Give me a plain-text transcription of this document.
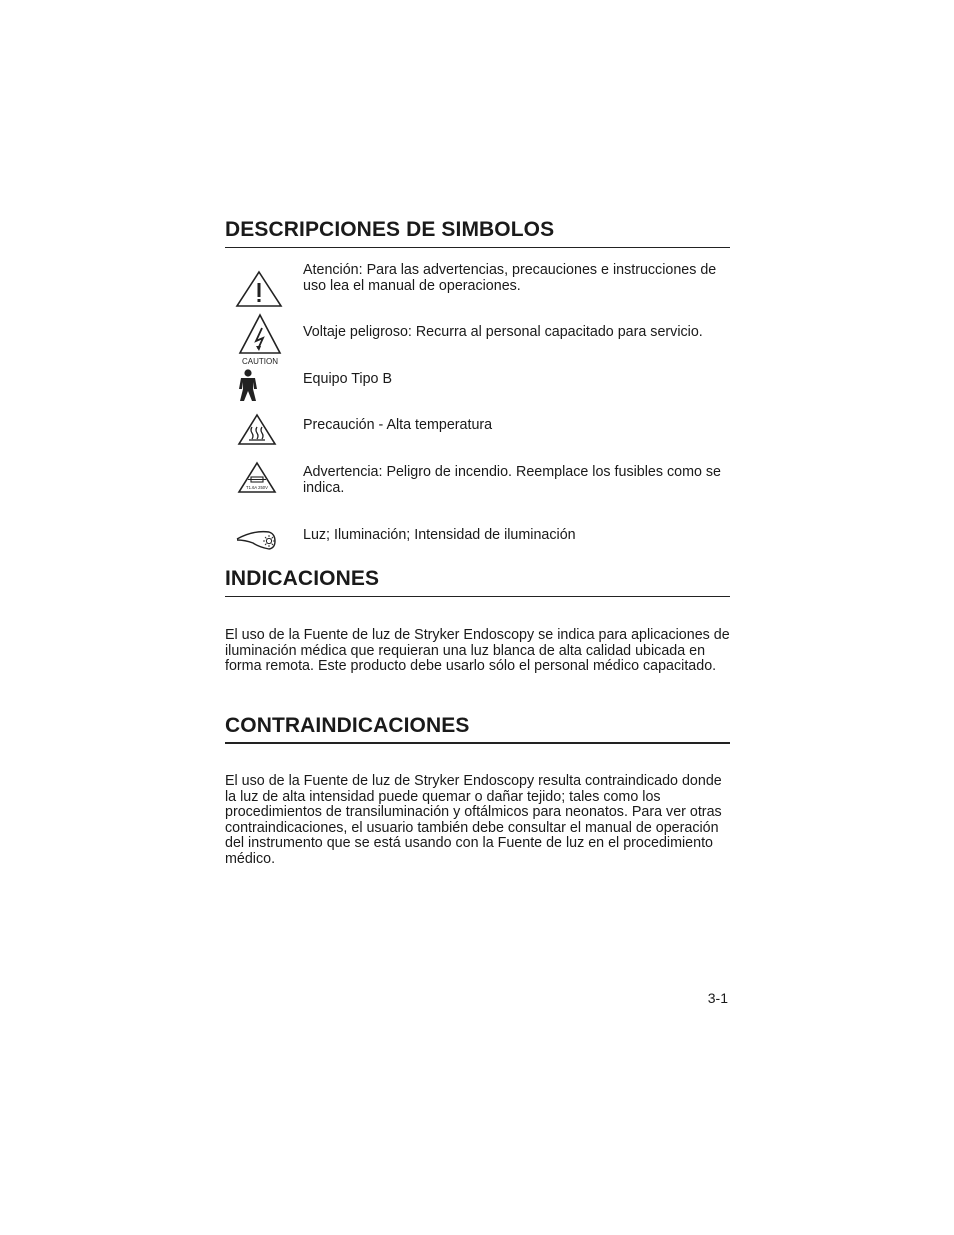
DESCRIPCIONES DE SIMBOLOS
Atención: Para las advertencias, precauciones e instrucciones de uso lea el manual de operaciones.
CAUTION
Voltaje peligroso: Recurra al personal capacitado para servicio.
Equipo Tipo B
Precaución - Alta temperatura
T1.6A 250V
Advertencia: Peligro de incendio. Reemplace los fusibles como se indica.
Luz; Iluminación; Intensidad de iluminación
INDICACIONES

El uso de la Fuente de luz de Stryker Endoscopy se indica para aplicaciones de iluminación médica que requieran una luz blanca de alta calidad ubicada en forma remota. Este producto debe usarlo sólo el personal médico capacitado.

CONTRAINDICACIONES

El uso de la Fuente de luz de Stryker Endoscopy resulta contraindicado donde la luz de alta intensidad puede quemar o dañar tejido; tales como los procedimientos de transiluminación y oftálmicos para neonatos. Para ver otras contraindicaciones, el usuario también debe consultar el manual de operación del instrumento que se está usando con la Fuente de luz en el procedimiento médico.

3-1
